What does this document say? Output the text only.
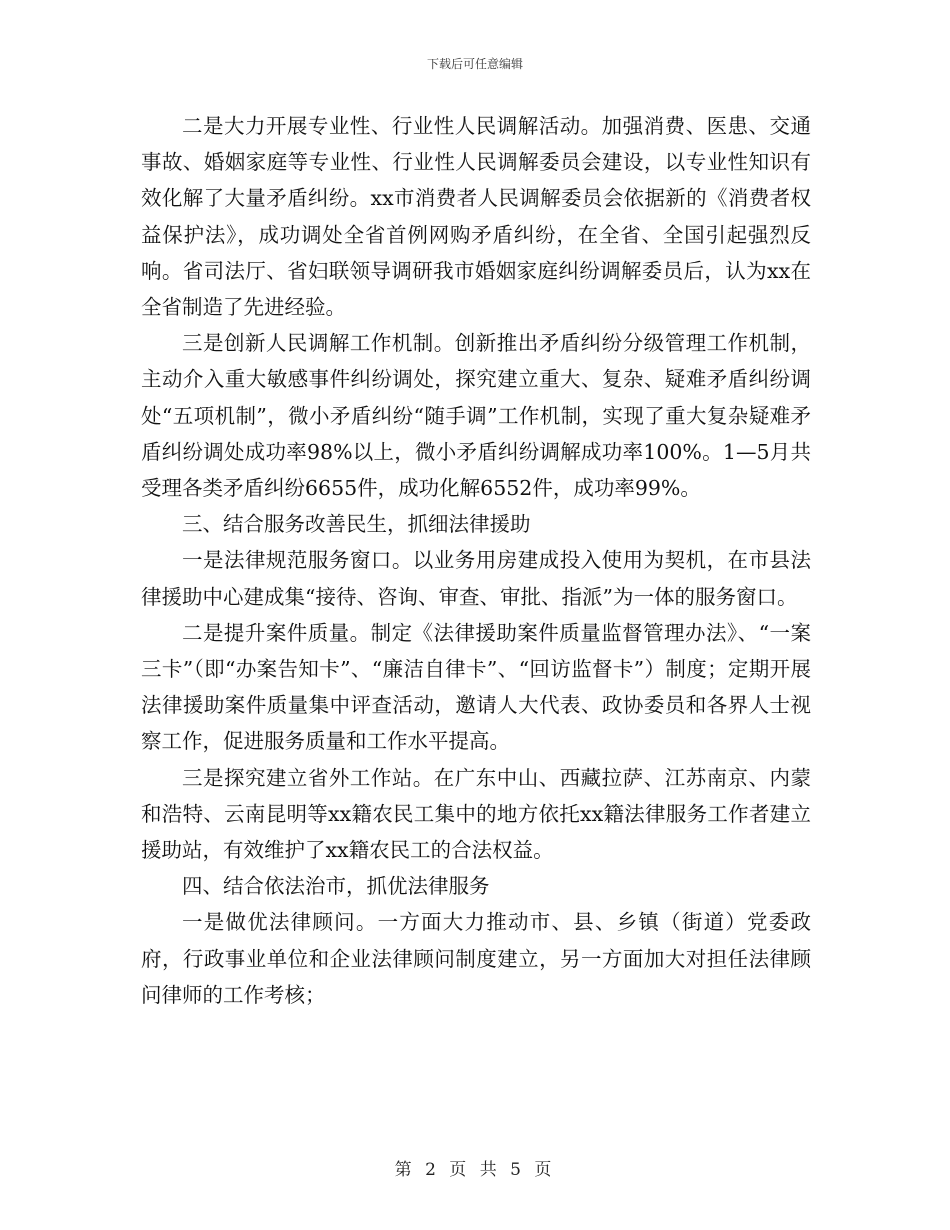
下载后可任意编辑

二是大力开展专业性、行业性人民调解活动。加强消费、医患、交通事故、婚姻家庭等专业性、行业性人民调解委员会建设，以专业性知识有效化解了大量矛盾纠纷。xx市消费者人民调解委员会依据新的《消费者权益保护法》，成功调处全省首例网购矛盾纠纷，在全省、全国引起强烈反响。省司法厅、省妇联领导调研我市婚姻家庭纠纷调解委员后，认为xx在全省制造了先进经验。

三是创新人民调解工作机制。创新推出矛盾纠纷分级管理工作机制，主动介入重大敏感事件纠纷调处，探究建立重大、复杂、疑难矛盾纠纷调处“五项机制”，微小矛盾纠纷“随手调”工作机制，实现了重大复杂疑难矛盾纠纷调处成功率98%以上，微小矛盾纠纷调解成功率100%。1—5月共受理各类矛盾纠纷6655件，成功化解6552件，成功率99%。

三、结合服务改善民生，抓细法律援助

一是法律规范服务窗口。以业务用房建成投入使用为契机，在市县法律援助中心建成集“接待、咨询、审查、审批、指派”为一体的服务窗口。

二是提升案件质量。制定《法律援助案件质量监督管理办法》、“一案三卡”（即“办案告知卡”、“廉洁自律卡”、“回访监督卡”）制度；定期开展法律援助案件质量集中评查活动，邀请人大代表、政协委员和各界人士视察工作，促进服务质量和工作水平提高。

三是探究建立省外工作站。在广东中山、西藏拉萨、江苏南京、内蒙和浩特、云南昆明等xx籍农民工集中的地方依托xx籍法律服务工作者建立援助站，有效维护了xx籍农民工的合法权益。

四、结合依法治市，抓优法律服务

一是做优法律顾问。一方面大力推动市、县、乡镇（街道）党委政府，行政事业单位和企业法律顾问制度建立，另一方面加大对担任法律顾问律师的工作考核；

第 2 页 共 5 页
